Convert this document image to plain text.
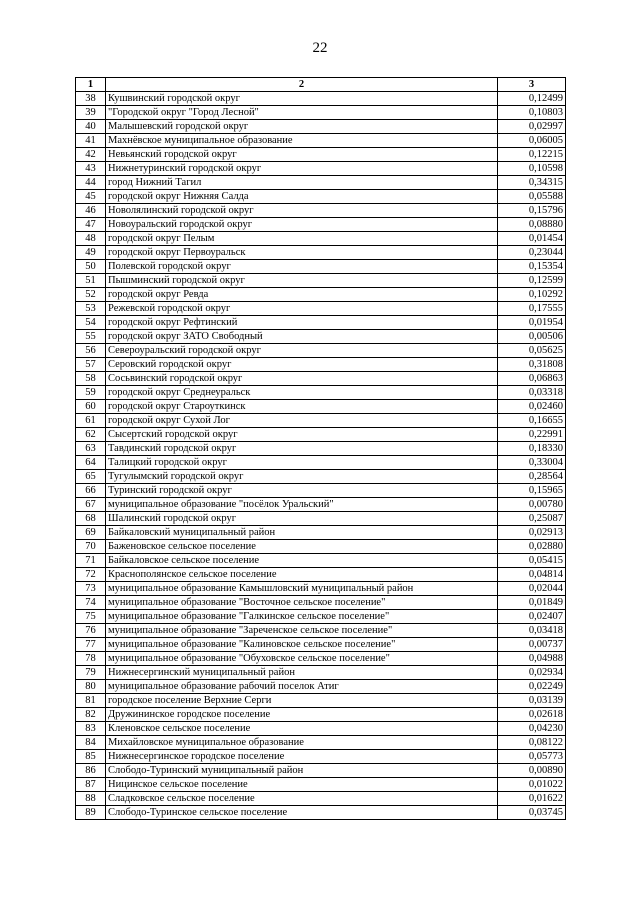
22
1	2	3
38	Кушвинский городской округ	0,12499
39	"Городской округ "Город Лесной"	0,10803
40	Малышевский городской округ	0,02997
41	Махнёвское муниципальное образование	0,06005
42	Невьянский городской округ	0,12215
43	Нижнетуринский городской округ	0,10598
44	город Нижний Тагил	0,34315
45	городской округ Нижняя Салда	0,05588
46	Новолялинский городской округ	0,15796
47	Новоуральский городской округ	0,08880
48	городской округ Пелым	0,01454
49	городской округ Первоуральск	0,23044
50	Полевской городской округ	0,15354
51	Пышминский городской округ	0,12599
52	городской округ Ревда	0,10292
53	Режевской городской округ	0,17555
54	городской округ Рефтинский	0,01954
55	городской округ ЗАТО Свободный	0,00506
56	Североуральский городской округ	0,05625
57	Серовский городской округ	0,31808
58	Сосьвинский городской округ	0,06863
59	городской округ Среднеуральск	0,03318
60	городской округ Староуткинск	0,02460
61	городской округ Сухой Лог	0,16655
62	Сысертский городской округ	0,22991
63	Тавдинский городской округ	0,18330
64	Талицкий городской округ	0,33004
65	Тугулымский городской округ	0,28564
66	Туринский городской округ	0,15965
67	муниципальное образование "посёлок Уральский"	0,00780
68	Шалинский городской округ	0,25087
69	Байкаловский муниципальный район	0,02913
70	Баженовское сельское поселение	0,02880
71	Байкаловское сельское поселение	0,05415
72	Краснополянское сельское поселение	0,04814
73	муниципальное образование Камышловский муниципальный район	0,02044
74	муниципальное образование "Восточное сельское поселение"	0,01849
75	муниципальное образование "Галкинское сельское поселение"	0,02407
76	муниципальное образование "Зареченское сельское поселение"	0,03418
77	муниципальное образование "Калиновское сельское поселение"	0,00737
78	муниципальное образование "Обуховское сельское поселение"	0,04988
79	Нижнесергинский муниципальный район	0,02934
80	муниципальное образование рабочий поселок Атиг	0,02249
81	городское поселение Верхние Серги	0,03139
82	Дружининское городское поселение	0,02618
83	Кленовское сельское поселение	0,04230
84	Михайловское муниципальное образование	0,08122
85	Нижнесергинское городское поселение	0,05773
86	Слободо-Туринский муниципальный район	0,00890
87	Ницинское сельское поселение	0,01022
88	Сладковское сельское поселение	0,01622
89	Слободо-Туринское сельское поселение	0,03745
